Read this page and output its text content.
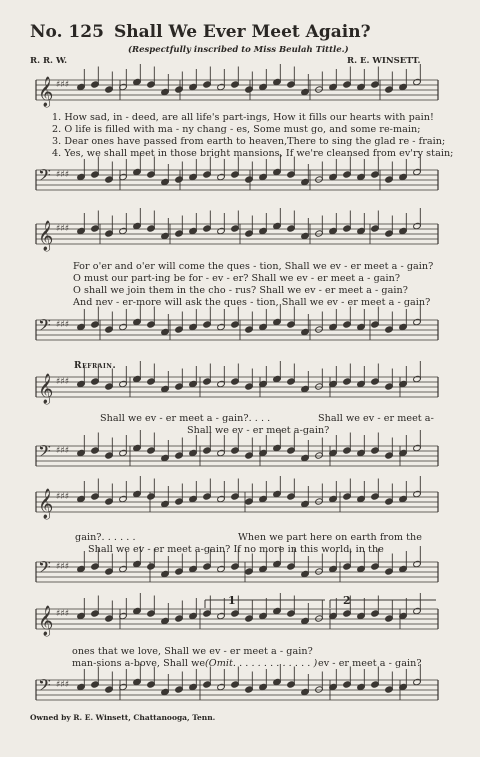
No. 125 Shall We Ever Meet Again?
(Respectfully inscribed to Miss Beulah Tittle.)
R. R. W.	R. E. WINSETT.
𝄞 ♯♯♯
𝄢 ♯♯♯
𝄞 ♯♯♯
𝄢 ♯♯♯
𝄞 ♯♯♯
𝄢 ♯♯♯
𝄞 ♯♯♯
𝄢 ♯♯♯
𝄞 ♯♯♯
𝄢 ♯♯♯
1. How sad, in - deed, are all life's part-ings, How it fills our hearts with pain!
2. O life is filled with ma - ny chang - es, Some must go, and some re-main;
3. Dear ones have passed from earth to heaven,There to sing the glad re - frain;
4. Yes, we shall meet in those bright mansions, If we're cleansed from ev'ry stain;
For o'er and o'er will come the ques - tion, Shall we ev - er meet a - gain?
O must our part-ing be for - ev - er? Shall we ev - er meet a - gain?
O shall we join them in the cho - rus? Shall we ev - er meet a - gain?
And nev - er-more will ask the ques - tion, Shall we ev - er meet a - gain?
Refrain.
Shall we ev - er meet a - gain?. . . .	Shall we ev - er meet a-
Shall we ev - er meet a-gain?
gain?. . . . . .	When we part here on earth from the
Shall we ev - er meet a-gain? If no more in this world, in the
1	2
ones that we love, Shall we ev - er meet a - gain?
man-sions a-bove, Shall we (Omit. . . . . . . . . . . . . ) ev - er meet a - gain?
Owned by R. E. Winsett, Chattanooga, Tenn.
